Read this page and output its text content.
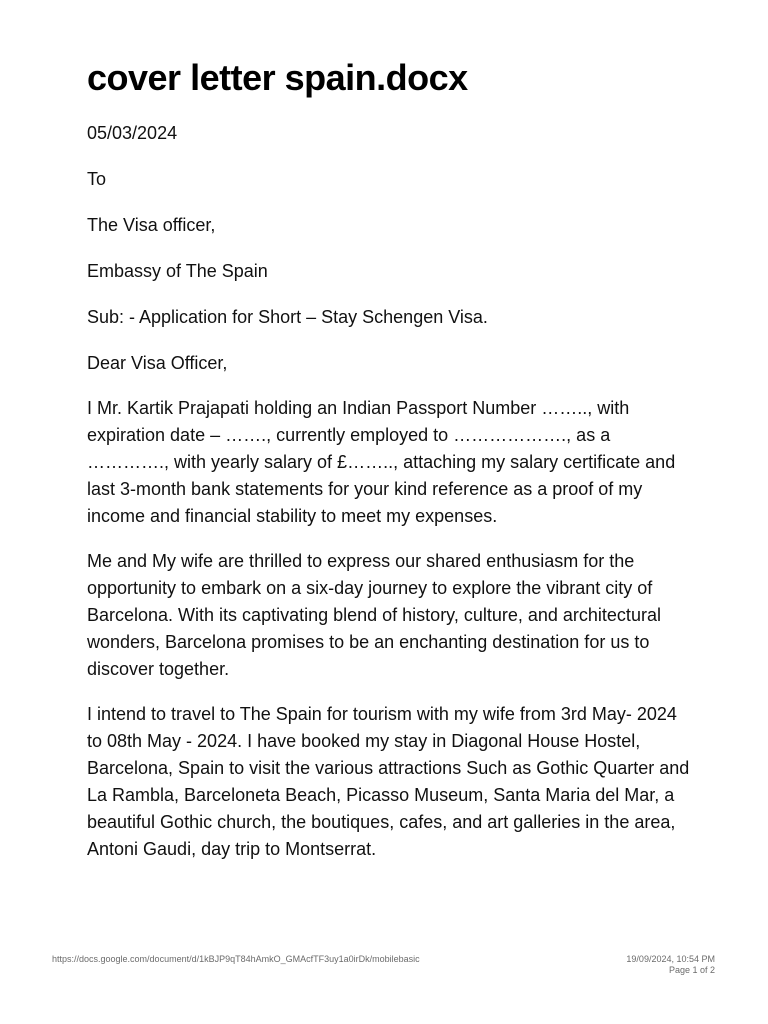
cover letter spain.docx

05/03/2024

To

The Visa officer,

Embassy of The Spain

Sub: - Application for Short – Stay Schengen Visa.

Dear Visa Officer,

I Mr. Kartik Prajapati holding an Indian Passport Number …….., with expiration date – ……., currently employed to ………………., as a …………., with yearly salary of £…….., attaching my salary certificate and last 3-month bank statements for your kind reference as a proof of my income and financial stability to meet my expenses.

Me and My wife are thrilled to express our shared enthusiasm for the opportunity to embark on a six-day journey to explore the vibrant city of Barcelona. With its captivating blend of history, culture, and architectural wonders, Barcelona promises to be an enchanting destination for us to discover together.

I intend to travel to The Spain for tourism with my wife from 3rd May- 2024 to 08th May - 2024. I have booked my stay in Diagonal House Hostel, Barcelona, Spain to visit the various attractions Such as Gothic Quarter and La Rambla, Barceloneta Beach, Picasso Museum, Santa Maria del Mar, a beautiful Gothic church, the boutiques, cafes, and art galleries in the area, Antoni Gaudi, day trip to Montserrat.

https://docs.google.com/document/d/1kBJP9qT84hAmkO_GMAcfTF3uy1a0irDk/mobilebasic	19/09/2024, 10:54 PM
Page 1 of 2
